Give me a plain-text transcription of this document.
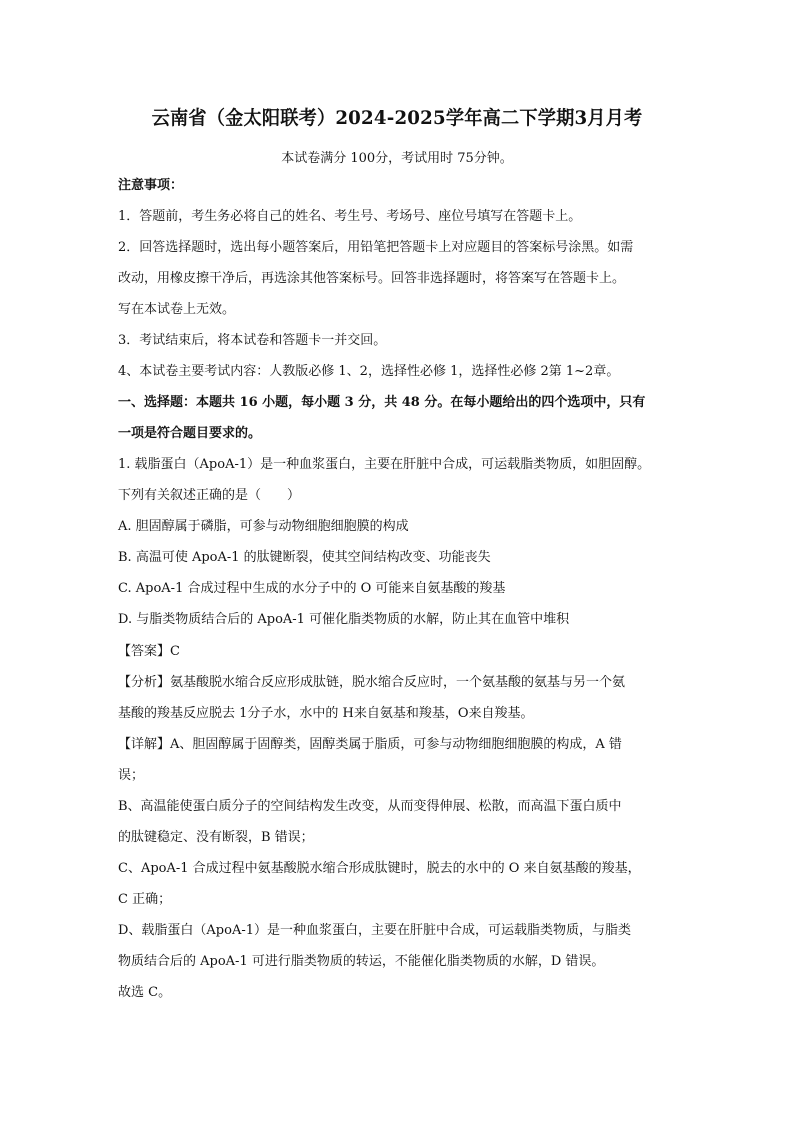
云南省（金太阳联考）2024-2025学年高二下学期3月月考
本试卷满分 100分，考试用时 75分钟。
注意事项：
1．答题前，考生务必将自己的姓名、考生号、考场号、座位号填写在答题卡上。
2．回答选择题时，选出每小题答案后，用铅笔把答题卡上对应题目的答案标号涂黑。如需
改动，用橡皮擦干净后，再选涂其他答案标号。回答非选择题时，将答案写在答题卡上。
写在本试卷上无效。
3．考试结束后，将本试卷和答题卡一并交回。
4、本试卷主要考试内容：人教版必修 1、2，选择性必修 1，选择性必修 2第 1~2章。
一、选择题：本题共 16 小题，每小题 3 分，共 48 分。在每小题给出的四个选项中，只有
一项是符合题目要求的。
1. 载脂蛋白（ApoA-1）是一种血浆蛋白，主要在肝脏中合成，可运载脂类物质，如胆固醇。
下列有关叙述正确的是（　　）
A. 胆固醇属于磷脂，可参与动物细胞细胞膜的构成
B. 高温可使 ApoA-1 的肽键断裂，使其空间结构改变、功能丧失
C. ApoA-1 合成过程中生成的水分子中的 O 可能来自氨基酸的羧基
D. 与脂类物质结合后的 ApoA-1 可催化脂类物质的水解，防止其在血管中堆积
【答案】C
【分析】氨基酸脱水缩合反应形成肽链，脱水缩合反应时，一个氨基酸的氨基与另一个氨
基酸的羧基反应脱去 1分子水，水中的 H来自氨基和羧基，O来自羧基。
【详解】A、胆固醇属于固醇类，固醇类属于脂质，可参与动物细胞细胞膜的构成，A 错
误；
B、高温能使蛋白质分子的空间结构发生改变，从而变得伸展、松散，而高温下蛋白质中
的肽键稳定、没有断裂，B 错误；
C、ApoA-1 合成过程中氨基酸脱水缩合形成肽键时，脱去的水中的 O 来自氨基酸的羧基，
C 正确；
D、载脂蛋白（ApoA-1）是一种血浆蛋白，主要在肝脏中合成，可运载脂类物质，与脂类
物质结合后的 ApoA-1 可进行脂类物质的转运，不能催化脂类物质的水解，D 错误。
故选 C。
